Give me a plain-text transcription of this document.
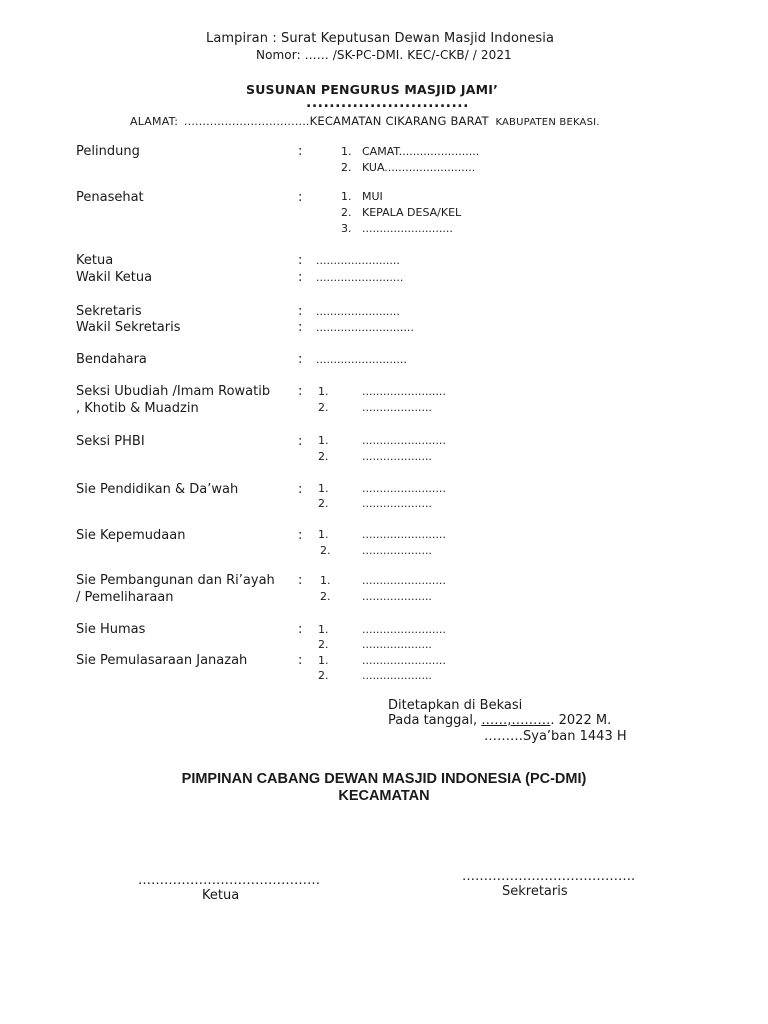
Lampiran : Surat Keputusan Dewan Masjid Indonesia
Nomor: …… /SK-PC-DMI. KEC/-CKB/ / 2021
SUSUNAN PENGURUS MASJID JAMI’
............................
ALAMAT: ..................................KECAMATAN CIKARANG BARAT KABUPATEN BEKASI.
Pelindung	:	1. CAMAT.......................
2. KUA..........................
Penasehat	:	1. MUI
2. KEPALA DESA/KEL
3. ..........................
Ketua	: ........................
Wakil Ketua	: .........................
Sekretaris	: ........................
Wakil Sekretaris	: ............................
Bendahara	: ..........................
Seksi Ubudiah /Imam Rowatib
, Khotib & Muadzin
: 1.	........................
2.	....................
Seksi PHBI	: 1.	........................
2.	....................
Sie Pendidikan & Da’wah	: 1.	........................
2.	....................
Sie Kepemudaan	: 1.	........................
2.	....................
Sie Pembangunan dan Ri’ayah
/ Pemeliharaan
: 1.	........................
2.	....................
Sie Humas	: 1.	........................
2.	....................
Sie Pemulasaraan Janazah	: 1.	........................
2.	....................
Ditetapkan di Bekasi
Pada tanggal, ……,………. 2022 M.
………Sya’ban 1443 H
PIMPINAN CABANG DEWAN MASJID INDONESIA (PC-DMI)
KECAMATAN
……………………………………
Ketua
………………………………….
Sekretaris
